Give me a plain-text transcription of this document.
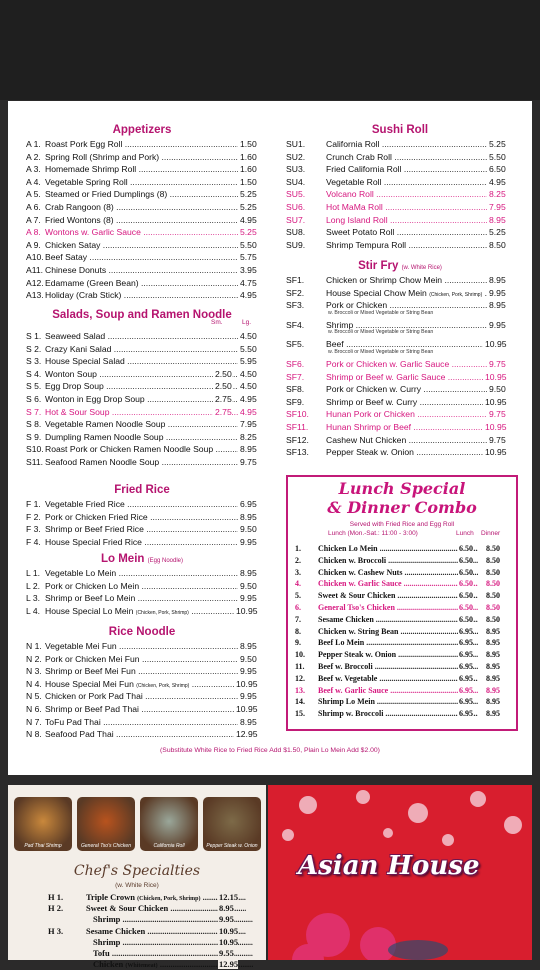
Appetizers
A 1. Roast Pork Egg Roll .....	1.50
A 2. Spring Roll (Shrimp and Pork) .....	1.60
A 3. Homemade Shrimp Roll .....	1.60
A 4. Vegetable Spring Roll .....	1.50
A 5. Steamed or Fried Dumplings (8) .....	5.25
A 6. Crab Rangoon (8) .....	5.25
A 7. Fried Wontons (8) .....	4.95
A 8. Wontons w. Garlic Sauce .....	5.25
A 9. Chicken Satay .....	5.50
A10. Beef Satay .....	5.75
A11. Chinese Donuts .....	3.95
A12. Edamame (Green Bean) .....	4.75
A13. Holiday (Crab Stick) .....	4.95
Salads, Soup and Ramen Noodle
Sm.	Lg.
S 1. Seaweed Salad .....	4.50
S 2. Crazy Kani Salad .....	5.50
S 3. House Special Salad .....	5.95
S 4. Wonton Soup .....	2.50 4.50
S 5. Egg Drop Soup .....	2.50 4.50
S 6. Wonton in Egg Drop Soup .....	2.75 4.95
S 7. Hot & Sour Soup .....	2.75 4.95
S 8. Vegetable Ramen Noodle Soup .....	7.95
S 9. Dumpling Ramen Noodle Soup .....	8.25
S10. Roast Pork or Chicken Ramen Noodle Soup .....	8.95
S11. Seafood Ramen Noodle Soup .....	9.75
Fried Rice
F 1. Vegetable Fried Rice .....	6.95
F 2. Pork or Chicken Fried Rice .....	8.95
F 3. Shrimp or Beef Fried Rice .....	9.50
F 4. House Special Fried Rice .....	9.95
Lo Mein (Egg Noodle)
L 1. Vegetable Lo Mein .....	8.95
L 2. Pork or Chicken Lo Mein .....	9.50
L 3. Shrimp or Beef Lo Mein .....	9.95
L 4. House Special Lo Mein (Chicken, Pork, Shrimp) .....	10.95
Rice Noodle
N 1. Vegetable Mei Fun .....	8.95
N 2. Pork or Chicken Mei Fun .....	9.50
N 3. Shrimp or Beef Mei Fun .....	9.95
N 4. House Special Mei Fun (Chicken, Pork, Shrimp) .....	10.95
N 5. Chicken or Pork Pad Thai .....	9.95
N 6. Shrimp or Beef Pad Thai .....	10.95
N 7. ToFu Pad Thai .....	8.95
N 8. Seafood Pad Thai .....	12.95
Sushi Roll
SU1. California Roll .....	5.25
SU2. Crunch Crab Roll .....	5.50
SU3. Fried California Roll .....	6.50
SU4. Vegetable Roll .....	4.95
SU5. Volcano Roll .....	8.25
SU6. Hot MaMa Roll .....	7.95
SU7. Long Island Roll .....	8.95
SU8. Sweet Potato Roll .....	5.25
SU9. Shrimp Tempura Roll .....	8.50
Stir Fry (w. White Rice)
SF1.	Chicken or Shrimp Chow Mein .....	8.95
SF2.	House Special Chow Mein (Chicken, Pork, Shrimp) ..... 9.95
SF3.	Pork or Chicken .....	8.95
w. Broccoli or Mixed Vegetable or String Bean
SF4.	Shrimp .....	9.95
w. Broccoli or Mixed Vegetable or String Bean
SF5.	Beef .....	10.95
w. Broccoli or Mixed Vegetable or String Bean
SF6.	Pork or Chicken w. Garlic Sauce .....	9.75
SF7.	Shrimp or Beef w. Garlic Sauce .....	10.95
SF8.	Pork or Chicken w. Curry .....	9.50
SF9.	Shrimp or Beef w. Curry .....	10.95
SF10. Hunan Pork or Chicken .....	9.75
SF11. Hunan Shrimp or Beef .....	10.95
SF12. Cashew Nut Chicken .....	9.75
SF13. Pepper Steak w. Onion .....	10.95
(Substitute White Rice to Fried Rice Add $1.50, Plain Lo Mein Add $2.00)
Lunch Special
& Dinner Combo
Served with Fried Rice and Egg Roll
Lunch (Mon.-Sat.: 11:00 - 3:00)	Lunch Dinner
1. Chicken Lo Mein .....	6.50 8.50
2. Chicken w. Broccoli .....	6.50 8.50
3. Chicken w. Cashew Nuts .....	6.50 8.50
4. Chicken w. Garlic Sauce .....	6.50 8.50
5. Sweet & Sour Chicken .....	6.50 8.50
6. General Tso's Chicken .....	6.50 8.50
7. Sesame Chicken .....	6.50 8.50
8. Chicken w. String Bean .....	6.95 8.95
9. Beef Lo Mein .....	6.95 8.95
10. Pepper Steak w. Onion .....	6.95 8.95
11. Beef w. Broccoli .....	6.95 8.95
12. Beef w. Vegetable .....	6.95 8.95
13. Beef w. Garlic Sauce .....	6.95 8.95
14. Shrimp Lo Mein .....	6.95 8.95
15. Shrimp w. Broccoli .....	6.95 8.95
Pad Thai Shrimp	General Tso's Chicken	California Roll	Pepper Steak w. Onion
Chef's Specialties
(w. White Rice)
H 1.	Triple Crown (Chicken, Pork, Shrimp) .....	12.15
H 2.	Sweet & Sour Chicken .....	8.95
Shrimp .....	9.95
H 3.	Sesame Chicken .....	10.95
Shrimp .....	10.95
Tofu .....	9.55
Chicken (Whitemeat) .....	12.95
Asian House
